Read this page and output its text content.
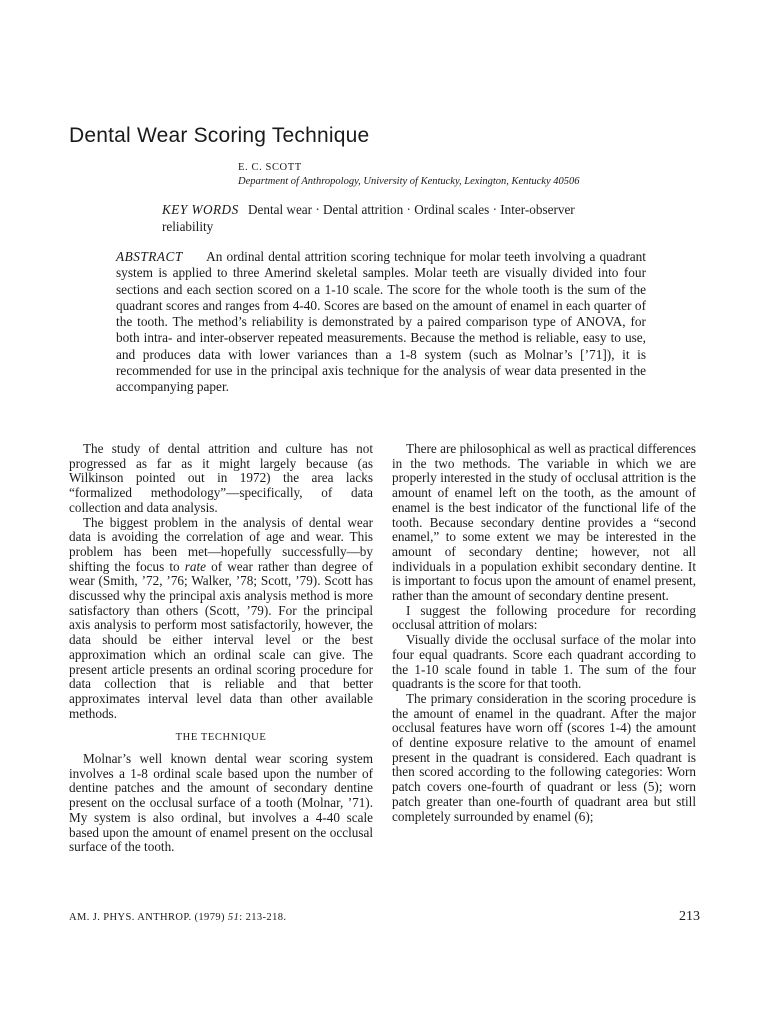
Dental Wear Scoring Technique
E. C. SCOTT
Department of Anthropology, University of Kentucky, Lexington, Kentucky 40506
KEY WORDS Dental wear · Dental attrition · Ordinal scales · Inter-observer reliability
ABSTRACT An ordinal dental attrition scoring technique for molar teeth involving a quadrant system is applied to three Amerind skeletal samples. Molar teeth are visually divided into four sections and each section scored on a 1-10 scale. The score for the whole tooth is the sum of the quadrant scores and ranges from 4-40. Scores are based on the amount of enamel in each quarter of the tooth. The method’s reliability is demonstrated by a paired comparison type of ANOVA, for both intra- and inter-observer repeated measurements. Because the method is reliable, easy to use, and produces data with lower variances than a 1-8 system (such as Molnar’s [’71]), it is recommended for use in the principal axis technique for the analysis of wear data presented in the accompanying paper.

The study of dental attrition and culture has not progressed as far as it might largely because (as Wilkinson pointed out in 1972) the area lacks “formalized methodology”—specifically, of data collection and data analysis.

The biggest problem in the analysis of dental wear data is avoiding the correlation of age and wear. This problem has been met—hopefully successfully—by shifting the focus to rate of wear rather than degree of wear (Smith, ’72, ’76; Walker, ’78; Scott, ’79). Scott has discussed why the principal axis analysis method is more satisfactory than others (Scott, ’79). For the principal axis analysis to perform most satisfactorily, however, the data should be either interval level or the best approximation which an ordinal scale can give. The present article presents an ordinal scoring procedure for data collection that is reliable and that better approximates interval level data than other available methods.

THE TECHNIQUE

Molnar’s well known dental wear scoring system involves a 1-8 ordinal scale based upon the number of dentine patches and the amount of secondary dentine present on the occlusal surface of a tooth (Molnar, ’71). My system is also ordinal, but involves a 4-40 scale based upon the amount of enamel present on the occlusal surface of the tooth.

There are philosophical as well as practical differences in the two methods. The variable in which we are properly interested in the study of occlusal attrition is the amount of enamel left on the tooth, as the amount of enamel is the best indicator of the functional life of the tooth. Because secondary dentine provides a “second enamel,” to some extent we may be interested in the amount of secondary dentine; however, not all individuals in a population exhibit secondary dentine. It is important to focus upon the amount of enamel present, rather than the amount of secondary dentine present.

I suggest the following procedure for recording occlusal attrition of molars:

Visually divide the occlusal surface of the molar into four equal quadrants. Score each quadrant according to the 1-10 scale found in table 1. The sum of the four quadrants is the score for that tooth.

The primary consideration in the scoring procedure is the amount of enamel in the quadrant. After the major occlusal features have worn off (scores 1-4) the amount of dentine exposure relative to the amount of enamel present in the quadrant is considered. Each quadrant is then scored according to the following categories: Worn patch covers one-fourth of quadrant or less (5); worn patch greater than one-fourth of quadrant area but still completely surrounded by enamel (6);

AM. J. PHYS. ANTHROP. (1979) 51: 213-218.	213
